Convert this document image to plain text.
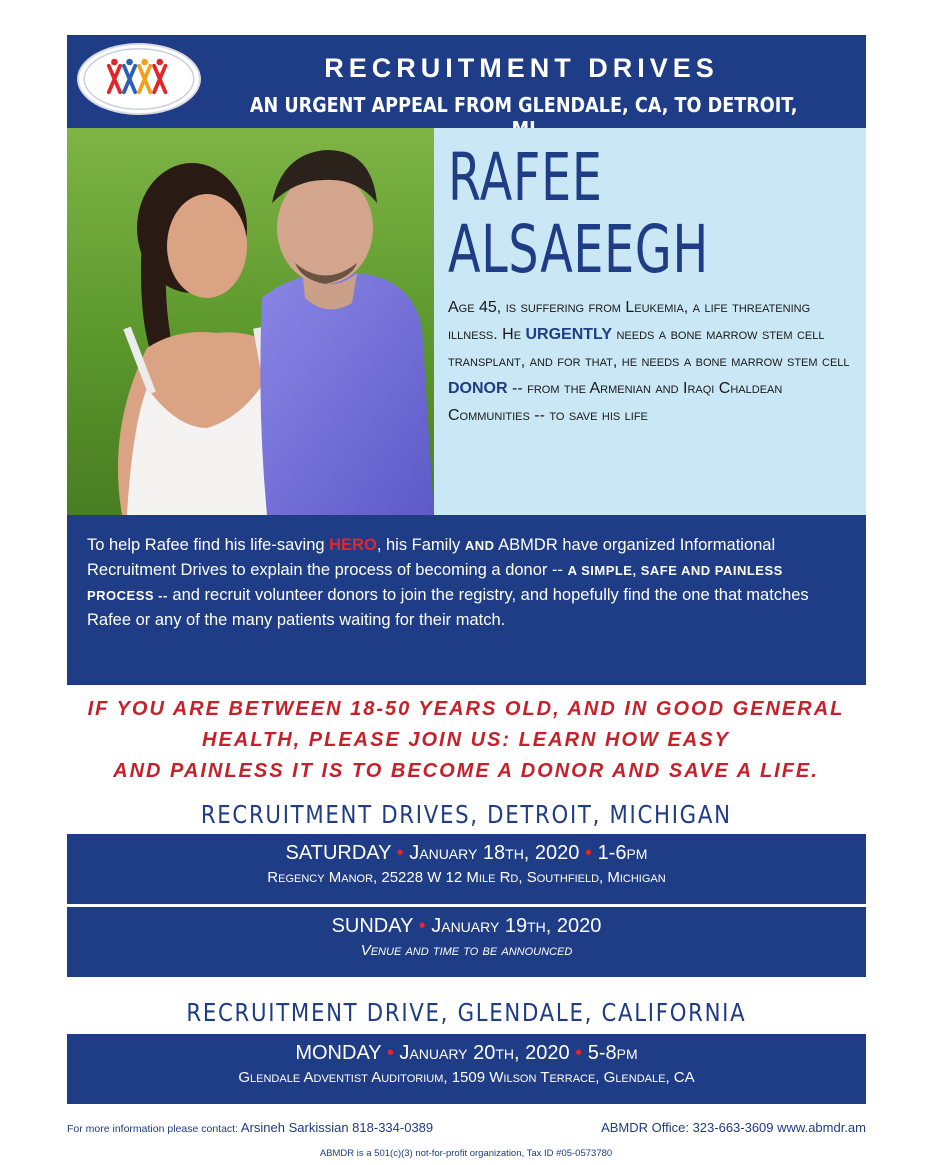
RECRUITMENT DRIVES
AN URGENT APPEAL FROM GLENDALE, CA, TO DETROIT,
RAFEE
ALSAEEGH
Age 45, is suffering from Leukemia, a life threatening illness. He URGENTLY needs a bone marrow stem cell transplant, and for that, he needs a bone marrow stem cell DONOR -- from the Armenian and Iraqi Chaldean Communities -- to save his life
To help Rafee find his life-saving HERO, his Family AND ABMDR have organized Informational Recruitment Drives to explain the process of becoming a donor -- A SIMPLE, SAFE AND PAINLESS PROCESS -- and recruit volunteer donors to join the registry, and hopefully find the one that matches Rafee or any of the many patients waiting for their match.
IF YOU ARE BETWEEN 18-50 YEARS OLD, AND IN GOOD GENERAL
HEALTH, PLEASE JOIN US: LEARN HOW EASY
AND PAINLESS IT IS TO BECOME A DONOR AND SAVE A LIFE.
RECRUITMENT DRIVES, DETROIT, MICHIGAN
SATURDAY • January 18th, 2020 • 1-6pm
Regency Manor, 25228 W 12 Mile Rd, Southfield, Michigan
SUNDAY • January 19th, 2020
Venue and time to be announced
RECRUITMENT DRIVE, GLENDALE, CALIFORNIA
MONDAY • January 20th, 2020 • 5-8pm
Glendale Adventist Auditorium, 1509 Wilson Terrace, Glendale, CA
For more information please contact: Arsineh Sarkissian 818-334-0389	ABMDR Office: 323-663-3609 www.abmdr.am
ABMDR is a 501(c)(3) not-for-profit organization, Tax ID #05-0573780
